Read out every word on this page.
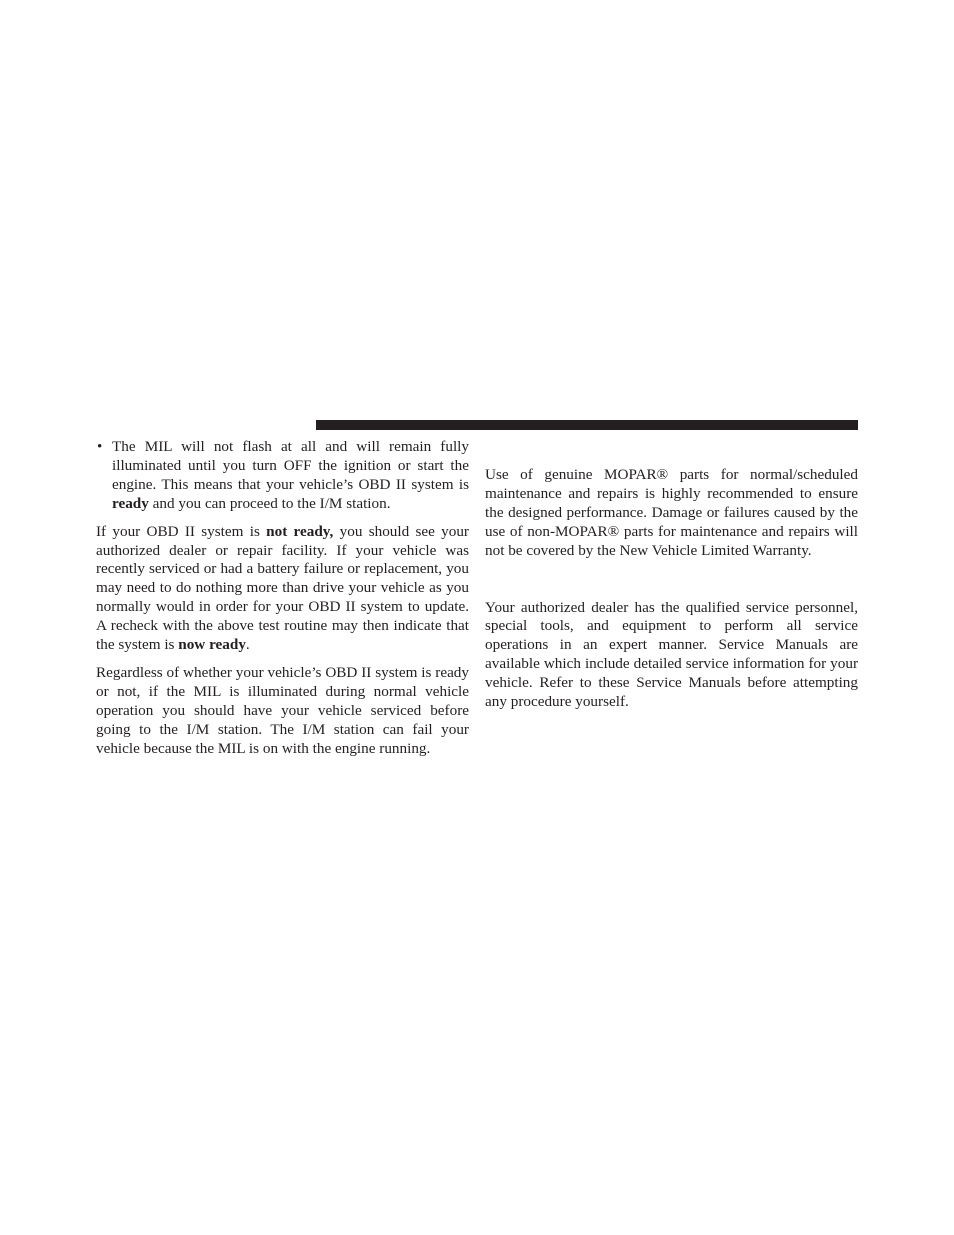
• The MIL will not flash at all and will remain fully illuminated until you turn OFF the ignition or start the engine. This means that your vehicle’s OBD II system is ready and you can proceed to the I/M station.

If your OBD II system is not ready, you should see your authorized dealer or repair facility. If your vehicle was recently serviced or had a battery failure or replacement, you may need to do nothing more than drive your vehicle as you normally would in order for your OBD II system to update. A recheck with the above test routine may then indicate that the system is now ready.

Regardless of whether your vehicle’s OBD II system is ready or not, if the MIL is illuminated during normal vehicle operation you should have your vehicle serviced before going to the I/M station. The I/M station can fail your vehicle because the MIL is on with the engine running.

Use of genuine MOPAR® parts for normal/scheduled maintenance and repairs is highly recommended to ensure the designed performance. Damage or failures caused by the use of non-MOPAR® parts for maintenance and repairs will not be covered by the New Vehicle Limited Warranty.

Your authorized dealer has the qualified service personnel, special tools, and equipment to perform all service operations in an expert manner. Service Manuals are available which include detailed service information for your vehicle. Refer to these Service Manuals before attempting any procedure yourself.
